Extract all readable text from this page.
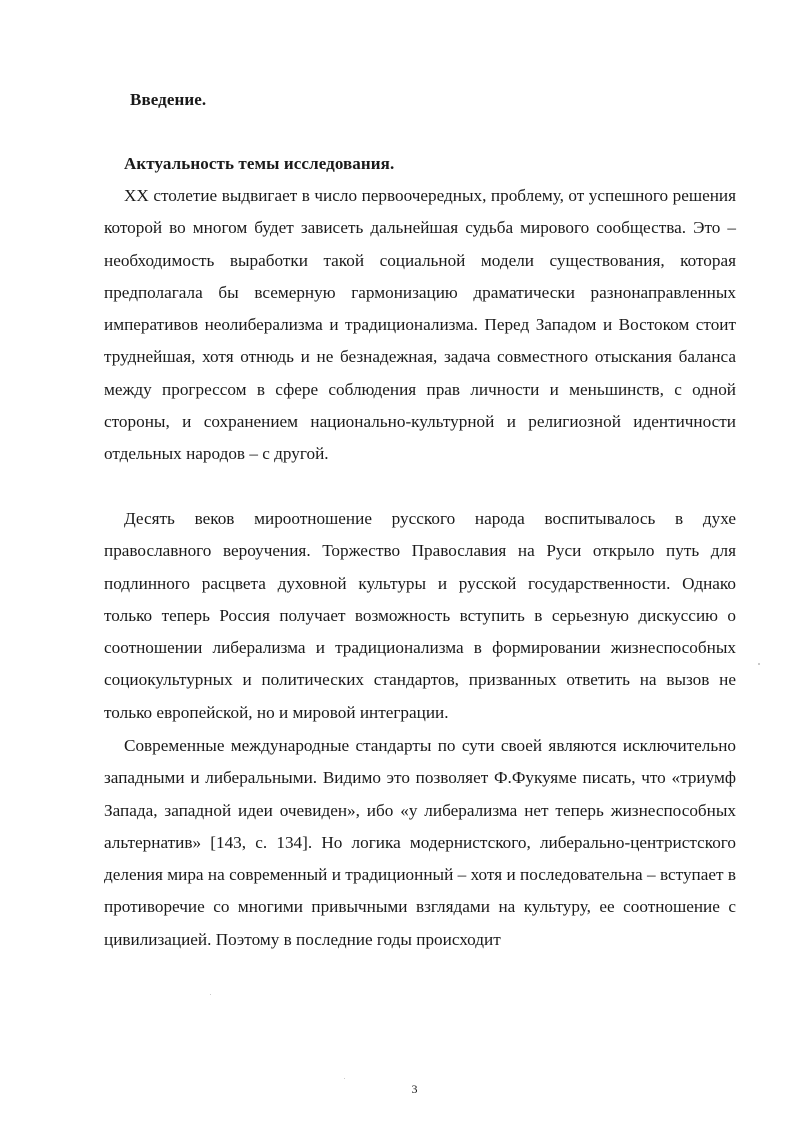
Введение.
Актуальность темы исследования.

XX столетие выдвигает в число первоочередных, проблему, от успешного решения которой во многом будет зависеть дальнейшая судьба мирового сообщества. Это – необходимость выработки такой социальной модели существования, которая предполагала бы всемерную гармонизацию драматически разнонаправленных императивов неолиберализма и традиционализма. Перед Западом и Востоком стоит труднейшая, хотя отнюдь и не безнадежная, задача совместного отыскания баланса между прогрессом в сфере соблюдения прав личности и меньшинств, с одной стороны, и сохранением национально-культурной и религиозной идентичности отдельных народов – с другой.

Десять веков мироотношение русского народа воспитывалось в духе православного вероучения. Торжество Православия на Руси открыло путь для подлинного расцвета духовной культуры и русской государственности. Однако только теперь Россия получает возможность вступить в серьезную дискуссию о соотношении либерализма и традиционализма в формировании жизнеспособных социокультурных и политических стандартов, призванных ответить на вызов не только европейской, но и мировой интеграции.

Современные международные стандарты по сути своей являются исключительно западными и либеральными. Видимо это позволяет Ф.Фукуяме писать, что «триумф Запада, западной идеи очевиден», ибо «у либерализма нет теперь жизнеспособных альтернатив» [143, с. 134]. Но логика модернистского, либерально-центристского деления мира на современный и традиционный – хотя и последовательна – вступает в противоречие со многими привычными взглядами на культуру, ее соотношение с цивилизацией. Поэтому в последние годы происходит

3
